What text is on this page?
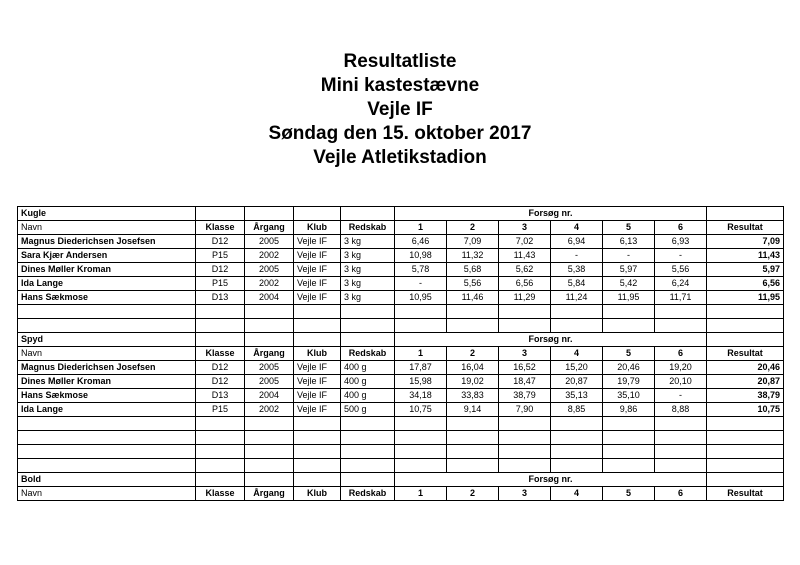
Resultatliste
Mini kastestævne
Vejle IF
Søndag den 15. oktober 2017
Vejle Atletikstadion
Kugle					Forsøg nr.						
Navn	Klasse	Årgang	Klub	Redskab	1	2	3	4	5	6	Resultat
Magnus Diederichsen Josefsen	D12	2005	Vejle IF	3 kg	6,46	7,09	7,02	6,94	6,13	6,93	7,09
Sara Kjær Andersen	P15	2002	Vejle IF	3 kg	10,98	11,32	11,43	-	-	-	11,43
Dines Møller Kroman	D12	2005	Vejle IF	3 kg	5,78	5,68	5,62	5,38	5,97	5,56	5,97
Ida Lange	P15	2002	Vejle IF	3 kg	-	5,56	6,56	5,84	5,42	6,24	6,56
Hans Sækmose	D13	2004	Vejle IF	3 kg	10,95	11,46	11,29	11,24	11,95	11,71	11,95

Spyd					Forsøg nr.						
Navn	Klasse	Årgang	Klub	Redskab	1	2	3	4	5	6	Resultat
Magnus Diederichsen Josefsen	D12	2005	Vejle IF	400 g	17,87	16,04	16,52	15,20	20,46	19,20	20,46
Dines Møller Kroman	D12	2005	Vejle IF	400 g	15,98	19,02	18,47	20,87	19,79	20,10	20,87
Hans Sækmose	D13	2004	Vejle IF	400 g	34,18	33,83	38,79	35,13	35,10	-	38,79
Ida Lange	P15	2002	Vejle IF	500 g	10,75	9,14	7,90	8,85	9,86	8,88	10,75

Bold					Forsøg nr.						
Navn	Klasse	Årgang	Klub	Redskab	1	2	3	4	5	6	Resultat
